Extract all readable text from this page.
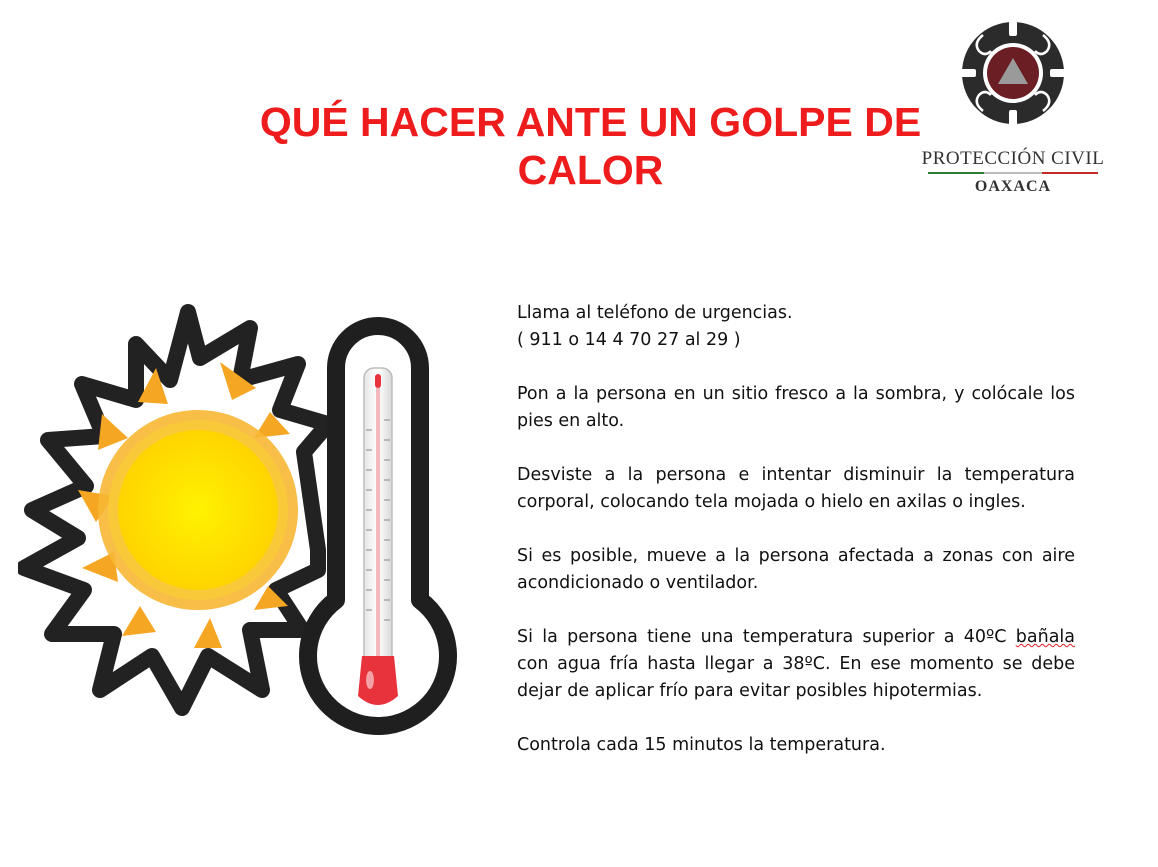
QUÉ HACER ANTE UN GOLPE DE
CALOR	PROTECCIÓN CIVIL
OAXACA

Llama al teléfono de urgencias.
( 911 o 14 4 70 27 al 29 )

Pon a la persona en un sitio fresco a la sombra, y colócale los pies en alto.

Desviste a la persona e intentar disminuir la temperatura corporal, colocando tela mojada o hielo en axilas o ingles.

Si es posible, mueve a la persona afectada a zonas con aire acondicionado o ventilador.

Si la persona tiene una temperatura superior a 40ºC bañala con agua fría hasta llegar a 38ºC. En ese momento se debe dejar de aplicar frío para evitar posibles hipotermias.

Controla cada 15 minutos la temperatura.
